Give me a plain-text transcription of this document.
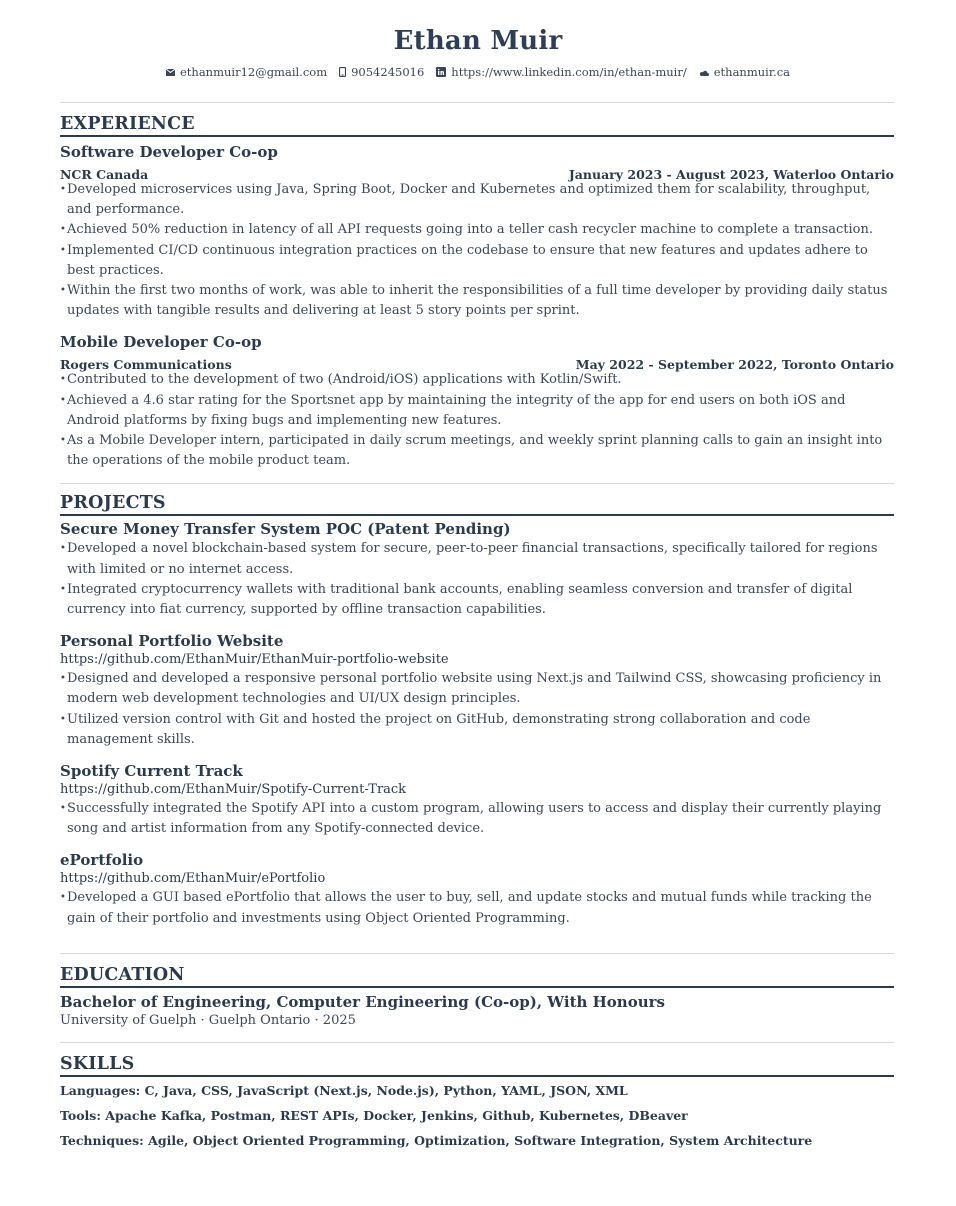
Ethan Muir
ethanmuir12@gmail.com 9054245016 https://www.linkedin.com/in/ethan-muir/ ethanmuir.ca
EXPERIENCE
Software Developer Co-op
NCR Canada	January 2023 - August 2023, Waterloo Ontario
• Developed microservices using Java, Spring Boot, Docker and Kubernetes and optimized them for scalability, throughput, and performance.
• Achieved 50% reduction in latency of all API requests going into a teller cash recycler machine to complete a transaction.
• Implemented CI/CD continuous integration practices on the codebase to ensure that new features and updates adhere to best practices.
• Within the first two months of work, was able to inherit the responsibilities of a full time developer by providing daily status updates with tangible results and delivering at least 5 story points per sprint.
Mobile Developer Co-op
Rogers Communications	May 2022 - September 2022, Toronto Ontario
• Contributed to the development of two (Android/iOS) applications with Kotlin/Swift.
• Achieved a 4.6 star rating for the Sportsnet app by maintaining the integrity of the app for end users on both iOS and Android platforms by fixing bugs and implementing new features.
• As a Mobile Developer intern, participated in daily scrum meetings, and weekly sprint planning calls to gain an insight into the operations of the mobile product team.
PROJECTS
Secure Money Transfer System POC (Patent Pending)
• Developed a novel blockchain-based system for secure, peer-to-peer financial transactions, specifically tailored for regions with limited or no internet access.
• Integrated cryptocurrency wallets with traditional bank accounts, enabling seamless conversion and transfer of digital currency into fiat currency, supported by offline transaction capabilities.
Personal Portfolio Website
https://github.com/EthanMuir/EthanMuir-portfolio-website
• Designed and developed a responsive personal portfolio website using Next.js and Tailwind CSS, showcasing proficiency in modern web development technologies and UI/UX design principles.
• Utilized version control with Git and hosted the project on GitHub, demonstrating strong collaboration and code management skills.
Spotify Current Track
https://github.com/EthanMuir/Spotify-Current-Track
• Successfully integrated the Spotify API into a custom program, allowing users to access and display their currently playing song and artist information from any Spotify-connected device.
ePortfolio
https://github.com/EthanMuir/ePortfolio
• Developed a GUI based ePortfolio that allows the user to buy, sell, and update stocks and mutual funds while tracking the gain of their portfolio and investments using Object Oriented Programming.
EDUCATION
Bachelor of Engineering, Computer Engineering (Co-op), With Honours
University of Guelph · Guelph Ontario · 2025
SKILLS
Languages: C, Java, CSS, JavaScript (Next.js, Node.js), Python, YAML, JSON, XML
Tools: Apache Kafka, Postman, REST APIs, Docker, Jenkins, Github, Kubernetes, DBeaver
Techniques: Agile, Object Oriented Programming, Optimization, Software Integration, System Architecture
